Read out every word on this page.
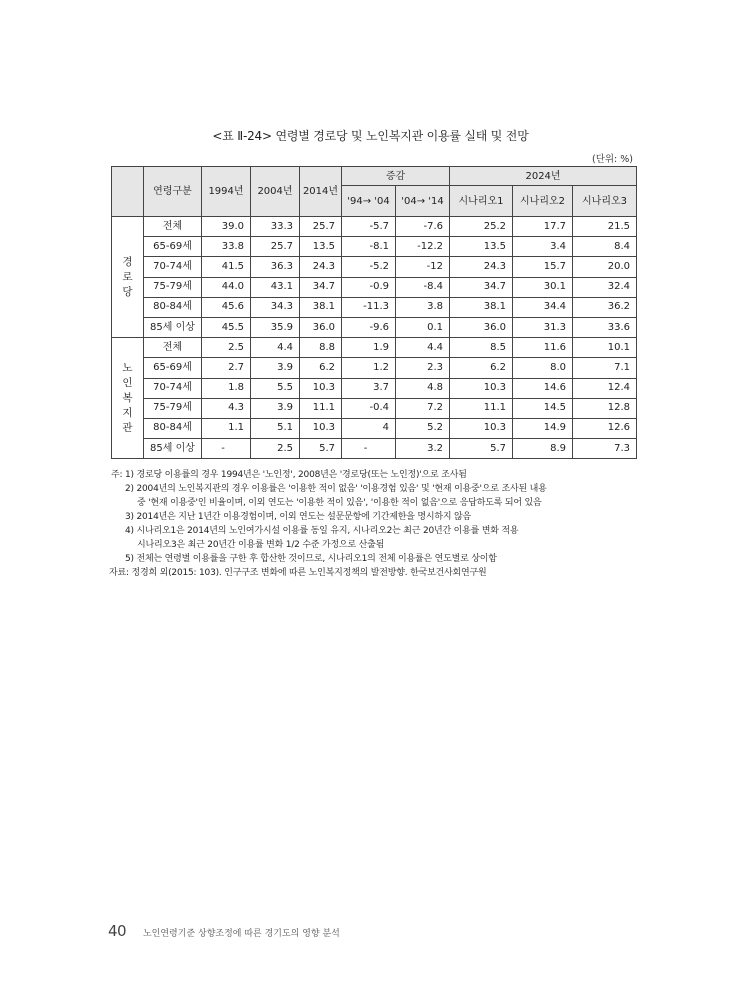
<표 Ⅱ-24> 연령별 경로당 및 노인복지관 이용률 실태 및 전망
(단위: %)
	연령구분	1994년	2004년	2014년	증감		2024년		
					'94→ '04	'04→ '14	시나리오1	시나리오2	시나리오3

경
로
당	전체	39.0	33.3	25.7	-5.7	-7.6	25.2	17.7	21.5
	65-69세	33.8	25.7	13.5	-8.1	-12.2	13.5	3.4	8.4
	70-74세	41.5	36.3	24.3	-5.2	-12	24.3	15.7	20.0
	75-79세	44.0	43.1	34.7	-0.9	-8.4	34.7	30.1	32.4
	80-84세	45.6	34.3	38.1	-11.3	3.8	38.1	34.4	36.2
	85세 이상	45.5	35.9	36.0	-9.6	0.1	36.0	31.3	33.6

노
인
복
지
관	전체	2.5	4.4	8.8	1.9	4.4	8.5	11.6	10.1
	65-69세	2.7	3.9	6.2	1.2	2.3	6.2	8.0	7.1
	70-74세	1.8	5.5	10.3	3.7	4.8	10.3	14.6	12.4
	75-79세	4.3	3.9	11.1	-0.4	7.2	11.1	14.5	12.8
	80-84세	1.1	5.1	10.3	4	5.2	10.3	14.9	12.6
	85세 이상	-	2.5	5.7	-	3.2	5.7	8.9	7.3
주: 1) 경로당 이용률의 경우 1994년은 '노인정', 2008년은 '경로당(또는 노인정)'으로 조사됨
2) 2004년의 노인복지관의 경우 이용률은 '이용한 적이 없음' '이용경험 있음' 및 '현재 이용중'으로 조사된 내용
중 '현재 이용중'인 비율이며, 이외 연도는 '이용한 적이 있음', '이용한 적이 없음'으로 응답하도록 되어 있음
3) 2014년은 지난 1년간 이용경험이며, 이외 연도는 설문문항에 기간제한을 명시하지 않음
4) 시나리오1은 2014년의 노인여가시설 이용률 동일 유지, 시나리오2는 최근 20년간 이용률 변화 적용
시나리오3은 최근 20년간 이용률 변화 1/2 수준 가정으로 산출됨
5) 전체는 연령별 이용률을 구한 후 합산한 것이므로, 시나리오1의 전체 이용률은 연도별로 상이함
자료: 정경희 외(2015: 103). 인구구조 변화에 따른 노인복지정책의 발전방향. 한국보건사회연구원
40 노인연령기준 상향조정에 따른 경기도의 영향 분석
